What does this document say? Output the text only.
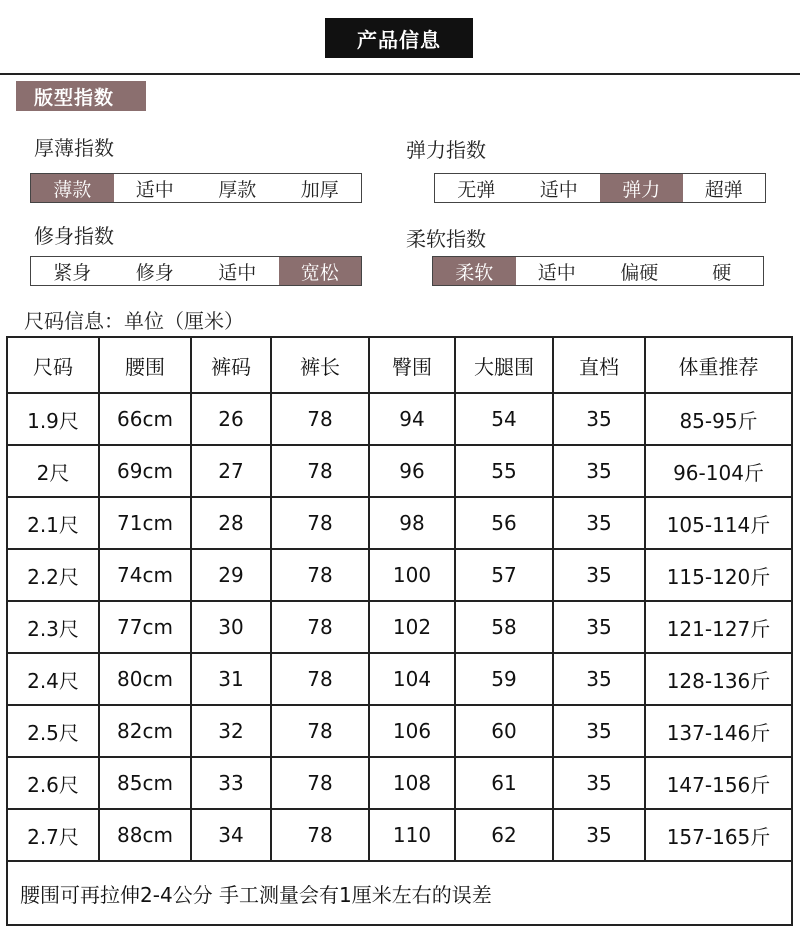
产品信息
版型指数
厚薄指数
薄款	适中	厚款	加厚
弹力指数
无弹	适中	弹力	超弹
修身指数
紧身	修身	适中	宽松
柔软指数
柔软	适中	偏硬	硬
尺码信息：单位（厘米）
尺码	腰围	裤码	裤长	臀围	大腿围	直档	体重推荐
1.9尺	66cm	26	78	94	54	35	85-95斤
2尺	69cm	27	78	96	55	35	96-104斤
2.1尺	71cm	28	78	98	56	35	105-114斤
2.2尺	74cm	29	78	100	57	35	115-120斤
2.3尺	77cm	30	78	102	58	35	121-127斤
2.4尺	80cm	31	78	104	59	35	128-136斤
2.5尺	82cm	32	78	106	60	35	137-146斤
2.6尺	85cm	33	78	108	61	35	147-156斤
2.7尺	88cm	34	78	110	62	35	157-165斤
腰围可再拉伸2-4公分 手工测量会有1厘米左右的误差							
